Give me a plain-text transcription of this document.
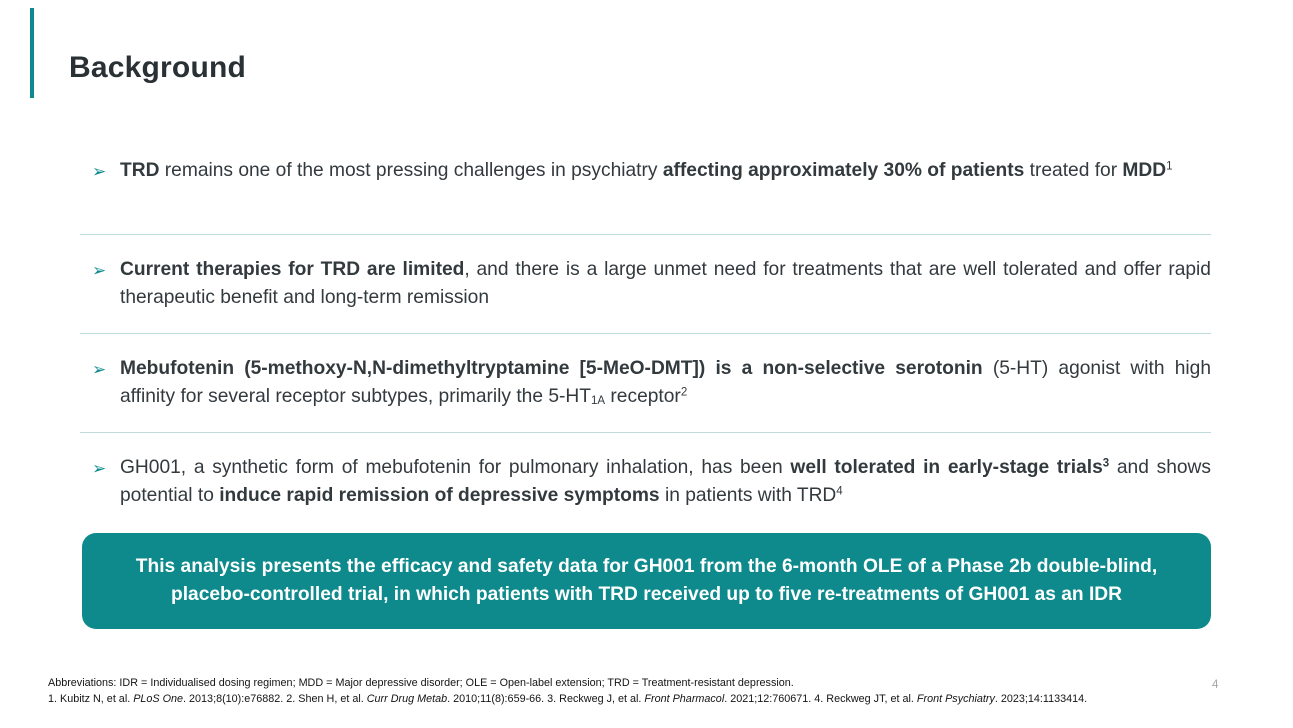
Background
➢ TRD remains one of the most pressing challenges in psychiatry affecting approximately 30% of patients treated for MDD$^1$

➢ Current therapies for TRD are limited, and there is a large unmet need for treatments that are well tolerated and offer rapid therapeutic benefit and long-term remission

➢ Mebufotenin (5-methoxy-N,N-dimethyltryptamine [5-MeO-DMT]) is a non-selective serotonin (5-HT) agonist with high affinity for several receptor subtypes, primarily the $5-HT_{1A}$ receptor$^2$

➢ GH001, a synthetic form of mebufotenin for pulmonary inhalation, has been well tolerated in early-stage trials$^3$ and shows potential to induce rapid remission of depressive symptoms in patients with TRD$^4$

This analysis presents the efficacy and safety data for GH001 from the 6-month OLE of a Phase 2b double-blind, placebo-controlled trial, in which patients with TRD received up to five re-treatments of GH001 as an IDR

Abbreviations: IDR = Individualised dosing regimen; MDD = Major depressive disorder; OLE = Open-label extension; TRD = Treatment-resistant depression.

1. Kubitz N, et al. PLoS One. 2013;8(10):e76882. 2. Shen H, et al. Curr Drug Metab. 2010;11(8):659-66. 3. Reckweg J, et al. Front Pharmacol. 2021;12:760671. 4. Reckweg JT, et al. Front Psychiatry. 2023;14:1133414.

4
